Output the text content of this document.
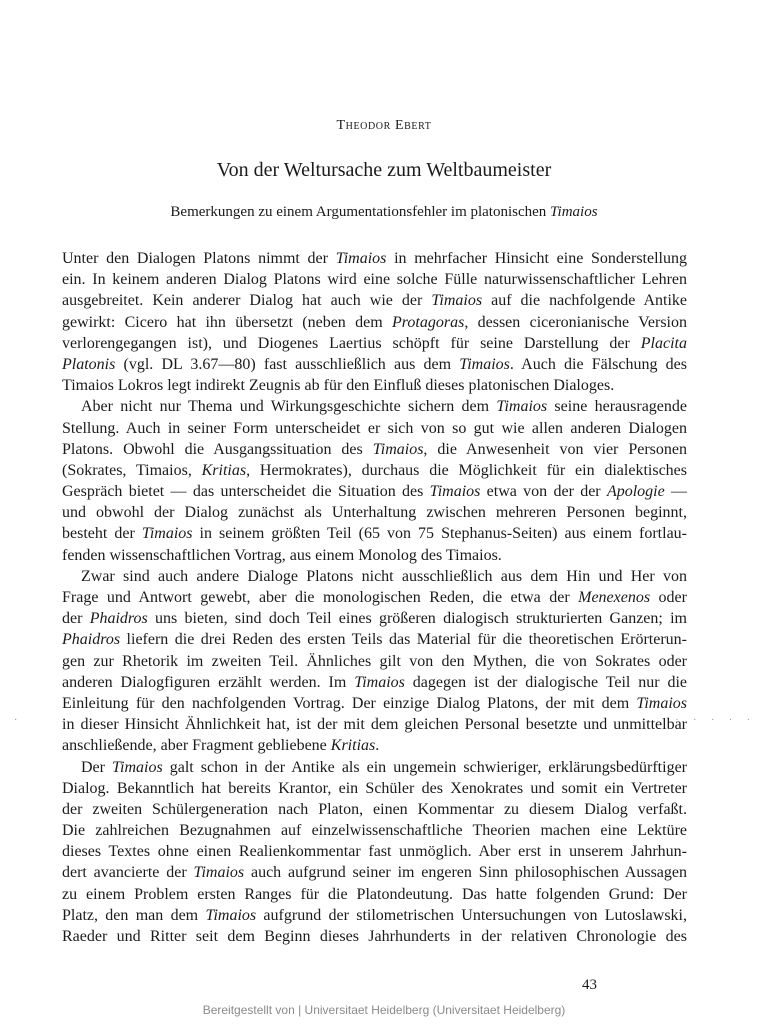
Theodor Ebert
Von der Weltursache zum Weltbaumeister
Bemerkungen zu einem Argumentationsfehler im platonischen Timaios
Unter den Dialogen Platons nimmt der Timaios in mehrfacher Hinsicht eine Sonderstellung
ein. In keinem anderen Dialog Platons wird eine solche Fülle naturwissenschaftlicher Lehren
ausgebreitet. Kein anderer Dialog hat auch wie der Timaios auf die nachfolgende Antike
gewirkt: Cicero hat ihn übersetzt (neben dem Protagoras, dessen ciceronianische Version
verlorengegangen ist), und Diogenes Laertius schöpft für seine Darstellung der Placita
Platonis (vgl. DL 3.67—80) fast ausschließlich aus dem Timaios. Auch die Fälschung des
Timaios Lokros legt indirekt Zeugnis ab für den Einfluß dieses platonischen Dialoges.
Aber nicht nur Thema und Wirkungsgeschichte sichern dem Timaios seine herausragende
Stellung. Auch in seiner Form unterscheidet er sich von so gut wie allen anderen Dialogen
Platons. Obwohl die Ausgangssituation des Timaios, die Anwesenheit von vier Personen
(Sokrates, Timaios, Kritias, Hermokrates), durchaus die Möglichkeit für ein dialektisches
Gespräch bietet — das unterscheidet die Situation des Timaios etwa von der der Apologie —
und obwohl der Dialog zunächst als Unterhaltung zwischen mehreren Personen beginnt,
besteht der Timaios in seinem größten Teil (65 von 75 Stephanus-Seiten) aus einem fortlau-
fenden wissenschaftlichen Vortrag, aus einem Monolog des Timaios.
Zwar sind auch andere Dialoge Platons nicht ausschließlich aus dem Hin und Her von
Frage und Antwort gewebt, aber die monologischen Reden, die etwa der Menexenos oder
der Phaidros uns bieten, sind doch Teil eines größeren dialogisch strukturierten Ganzen; im
Phaidros liefern die drei Reden des ersten Teils das Material für die theoretischen Erörterun-
gen zur Rhetorik im zweiten Teil. Ähnliches gilt von den Mythen, die von Sokrates oder
anderen Dialogfiguren erzählt werden. Im Timaios dagegen ist der dialogische Teil nur die
Einleitung für den nachfolgenden Vortrag. Der einzige Dialog Platons, der mit dem Timaios
in dieser Hinsicht Ähnlichkeit hat, ist der mit dem gleichen Personal besetzte und unmittelbar
anschließende, aber Fragment gebliebene Kritias.
Der Timaios galt schon in der Antike als ein ungemein schwieriger, erklärungsbedürftiger
Dialog. Bekanntlich hat bereits Krantor, ein Schüler des Xenokrates und somit ein Vertreter
der zweiten Schülergeneration nach Platon, einen Kommentar zu diesem Dialog verfaßt.
Die zahlreichen Bezugnahmen auf einzelwissenschaftliche Theorien machen eine Lektüre
dieses Textes ohne einen Realienkommentar fast unmöglich. Aber erst in unserem Jahrhun-
dert avancierte der Timaios auch aufgrund seiner im engeren Sinn philosophischen Aussagen
zu einem Problem ersten Ranges für die Platondeutung. Das hatte folgenden Grund: Der
Platz, den man dem Timaios aufgrund der stilometrischen Untersuchungen von Lutoslawski,
Raeder und Ritter seit dem Beginn dieses Jahrhunderts in der relativen Chronologie des
·	· · · · ·
43
Bereitgestellt von | Universitaet Heidelberg (Universitaet Heidelberg)
